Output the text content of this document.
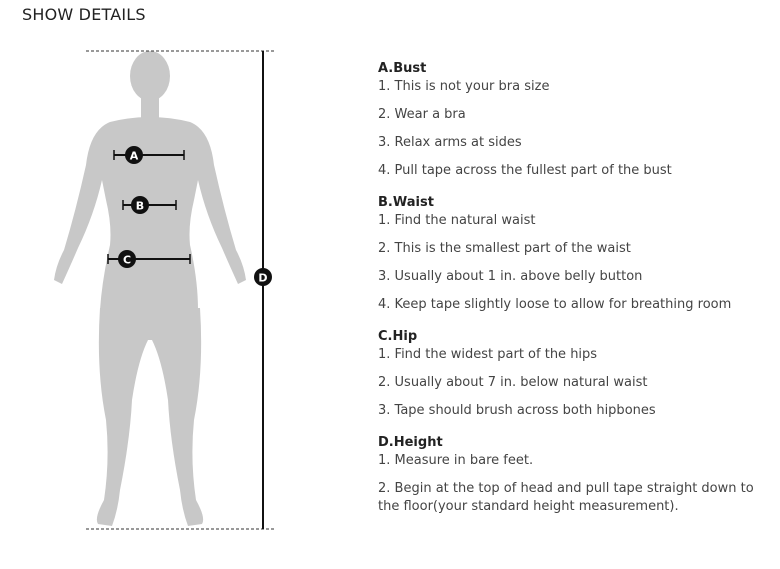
SHOW DETAILS
A
B
C
D
A.Bust
1. This is not your bra size
2. Wear a bra
3. Relax arms at sides
4. Pull tape across the fullest part of the bust
B.Waist
1. Find the natural waist
2. This is the smallest part of the waist
3. Usually about 1 in. above belly button
4. Keep tape slightly loose to allow for breathing room
C.Hip
1. Find the widest part of the hips
2. Usually about 7 in. below natural waist
3. Tape should brush across both hipbones
D.Height
1. Measure in bare feet.
2. Begin at the top of head and pull tape straight down to the floor(your standard height measurement).
